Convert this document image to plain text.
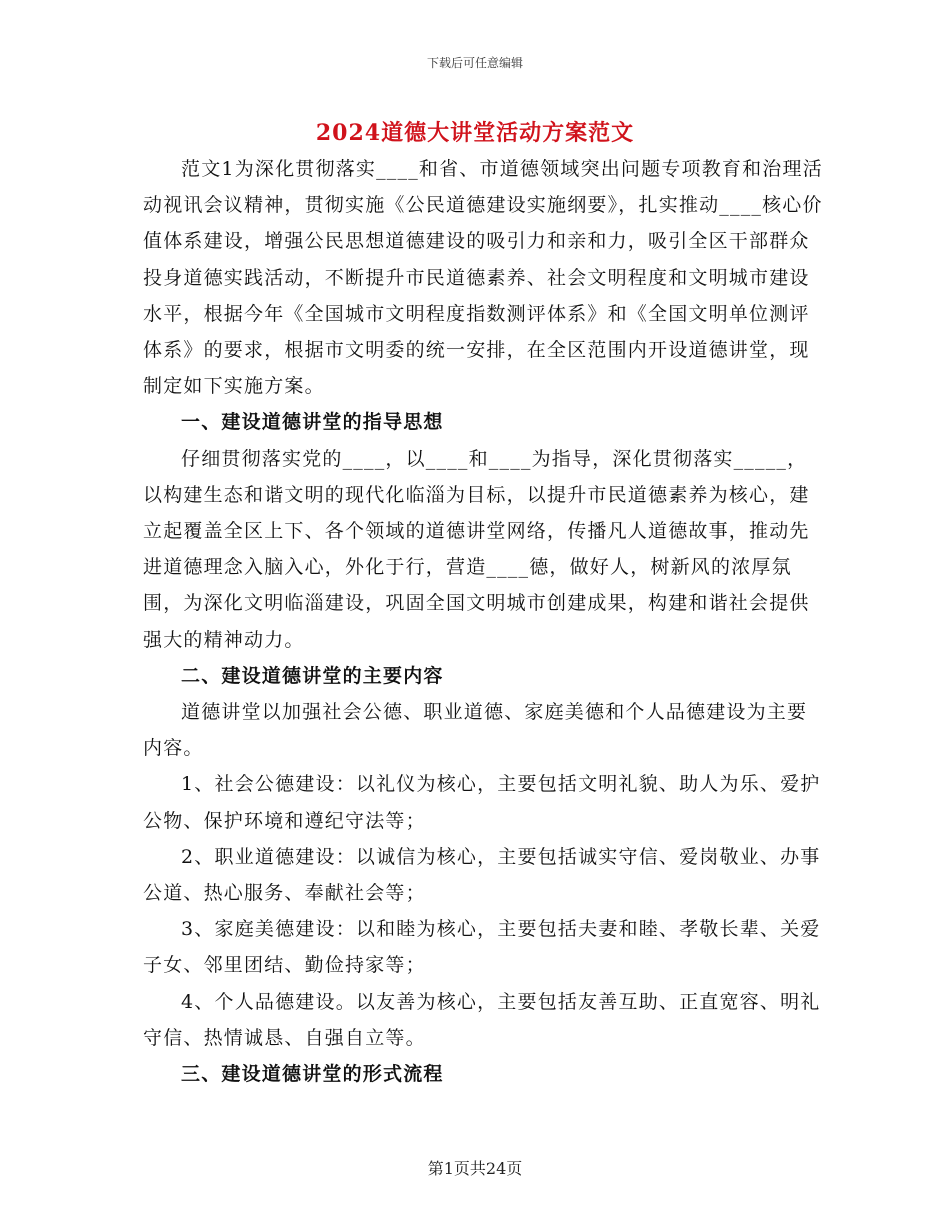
下载后可任意编辑
2024道德大讲堂活动方案范文

范文1为深化贯彻落实____和省、市道德领域突出问题专项教育和治理活动视讯会议精神，贯彻实施《公民道德建设实施纲要》，扎实推动____核心价值体系建设，增强公民思想道德建设的吸引力和亲和力，吸引全区干部群众投身道德实践活动，不断提升市民道德素养、社会文明程度和文明城市建设水平，根据今年《全国城市文明程度指数测评体系》和《全国文明单位测评体系》的要求，根据市文明委的统一安排，在全区范围内开设道德讲堂，现制定如下实施方案。

一、建设道德讲堂的指导思想

仔细贯彻落实党的____，以____和____为指导，深化贯彻落实_____，以构建生态和谐文明的现代化临淄为目标，以提升市民道德素养为核心，建立起覆盖全区上下、各个领域的道德讲堂网络，传播凡人道德故事，推动先进道德理念入脑入心，外化于行，营造____德，做好人，树新风的浓厚氛围，为深化文明临淄建设，巩固全国文明城市创建成果，构建和谐社会提供强大的精神动力。

二、建设道德讲堂的主要内容

道德讲堂以加强社会公德、职业道德、家庭美德和个人品德建设为主要内容。

1、社会公德建设：以礼仪为核心，主要包括文明礼貌、助人为乐、爱护公物、保护环境和遵纪守法等；

2、职业道德建设：以诚信为核心，主要包括诚实守信、爱岗敬业、办事公道、热心服务、奉献社会等；

3、家庭美德建设：以和睦为核心，主要包括夫妻和睦、孝敬长辈、关爱子女、邻里团结、勤俭持家等；

4、个人品德建设。以友善为核心，主要包括友善互助、正直宽容、明礼守信、热情诚恳、自强自立等。

三、建设道德讲堂的形式流程

第1页共24页
